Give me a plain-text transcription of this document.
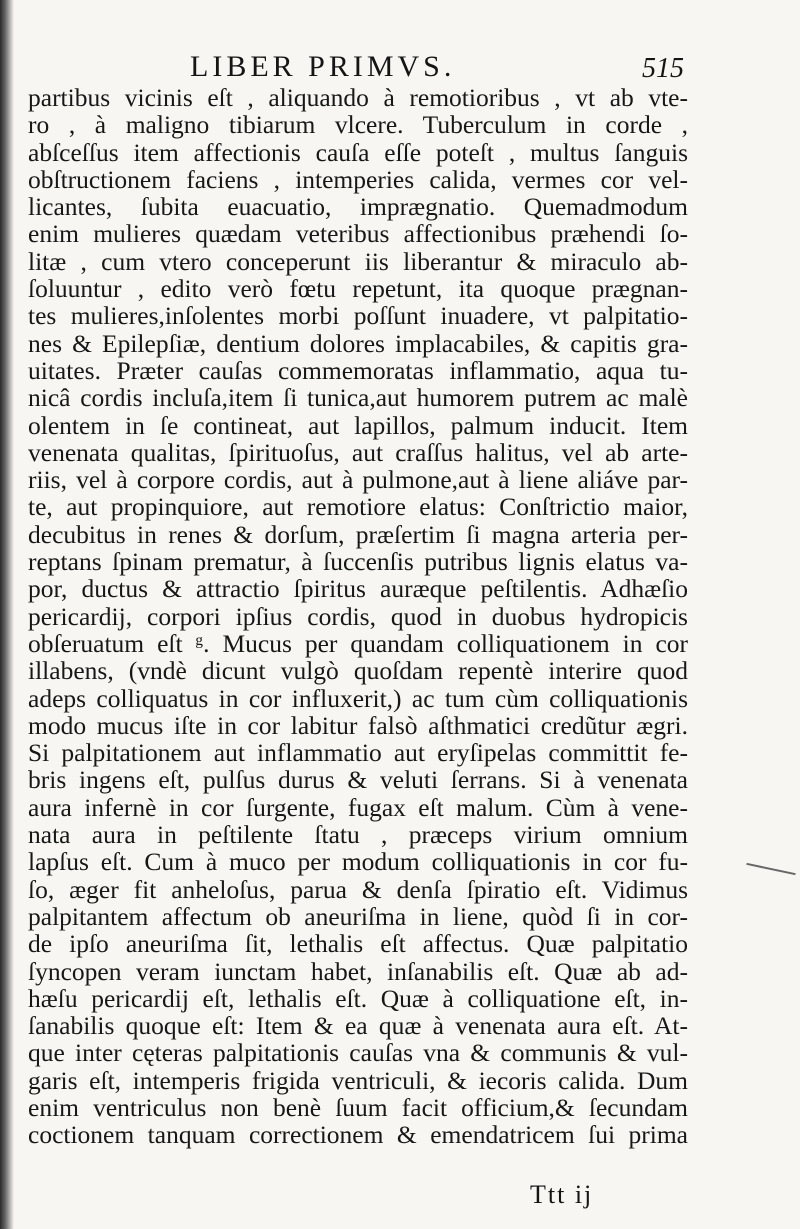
LIBER PRIMVS.	515
partibus vicinis eſt , aliquando à remotioribus , vt ab vte-
ro , à maligno tibiarum vlcere. Tuberculum in corde ,
abſceſſus item affectionis cauſa eſſe poteſt , multus ſanguis
obſtructionem faciens , intemperies calida, vermes cor vel-
licantes, ſubita euacuatio, imprægnatio. Quemadmodum
enim mulieres quædam veteribus affectionibus præhendi ſo-
litæ , cum vtero conceperunt iis liberantur & miraculo ab-
ſoluuntur , edito verò fœtu repetunt, ita quoque prægnan-
tes mulieres,inſolentes morbi poſſunt inuadere, vt palpitatio-
nes & Epilepſiæ, dentium dolores implacabiles, & capitis gra-
uitates. Præter cauſas commemoratas inflammatio, aqua tu-
nicâ cordis incluſa,item ſi tunica,aut humorem putrem ac malè
olentem in ſe contineat, aut lapillos, palmum inducit. Item
venenata qualitas, ſpirituoſus, aut craſſus halitus, vel ab arte-
riis, vel à corpore cordis, aut à pulmone,aut à liene aliáve par-
te, aut propinquiore, aut remotiore elatus: Conſtrictio maior,
decubitus in renes & dorſum, præſertim ſi magna arteria per-
reptans ſpinam prematur, à ſuccenſis putribus lignis elatus va-
por, ductus & attractio ſpiritus auræque peſtilentis. Adhæſio
pericardij, corpori ipſius cordis, quod in duobus hydropicis
obſeruatum eſt ᵍ. Mucus per quandam colliquationem in cor
illabens, (vndè dicunt vulgò quoſdam repentè interire quod
adeps colliquatus in cor influxerit,) ac tum cùm colliquationis
modo mucus iſte in cor labitur falsò aſthmatici credũtur ægri.
Si palpitationem aut inflammatio aut eryſipelas committit fe-
bris ingens eſt, pulſus durus & veluti ſerrans. Si à venenata
aura infernè in cor ſurgente, fugax eſt malum. Cùm à vene-
nata aura in peſtilente ſtatu , præceps virium omnium
lapſus eſt. Cum à muco per modum colliquationis in cor fu-
ſo, æger fit anheloſus, parua & denſa ſpiratio eſt. Vidimus
palpitantem affectum ob aneuriſma in liene, quòd ſi in cor-
de ipſo aneuriſma ſit, lethalis eſt affectus. Quæ palpitatio
ſyncopen veram iunctam habet, inſanabilis eſt. Quæ ab ad-
hæſu pericardij eſt, lethalis eſt. Quæ à colliquatione eſt, in-
ſanabilis quoque eſt: Item & ea quæ à venenata aura eſt. At-
que inter cęteras palpitationis cauſas vna & communis & vul-
garis eſt, intemperis frigida ventriculi, & iecoris calida. Dum
enim ventriculus non benè ſuum facit officium,& ſecundam
coctionem tanquam correctionem & emendatricem ſui prima
Ttt ij
